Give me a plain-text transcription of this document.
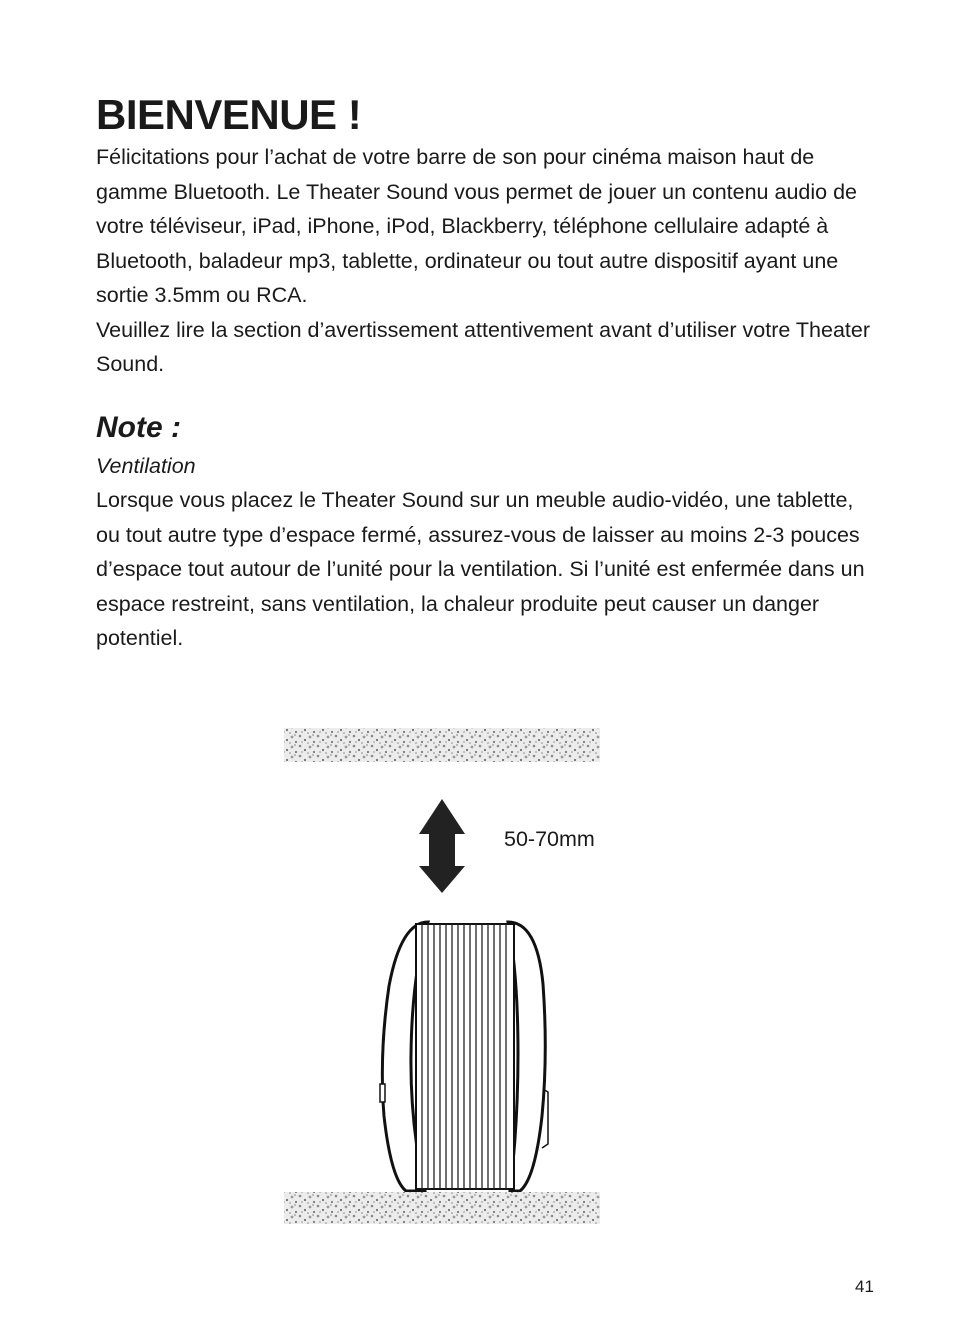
BIENVENUE !

Félicitations pour l’achat de votre barre de son pour cinéma maison haut de gamme Bluetooth. Le Theater Sound vous permet de jouer un contenu audio de votre téléviseur, iPad, iPhone, iPod, Blackberry, téléphone cellulaire adapté à Bluetooth, baladeur mp3, tablette, ordinateur ou tout autre dispositif ayant une sortie 3.5mm ou RCA.

Veuillez lire la section d’avertissement attentivement avant d’utiliser votre Theater Sound.

Note :
Ventilation

Lorsque vous placez le Theater Sound sur un meuble audio-vidéo, une tablette, ou tout autre type d’espace fermé, assurez-vous de laisser au moins 2-3 pouces d’espace tout autour de l’unité pour la ventilation. Si l’unité est enfermée dans un espace restreint, sans ventilation, la chaleur produite peut causer un danger potentiel.

50-70mm
41
